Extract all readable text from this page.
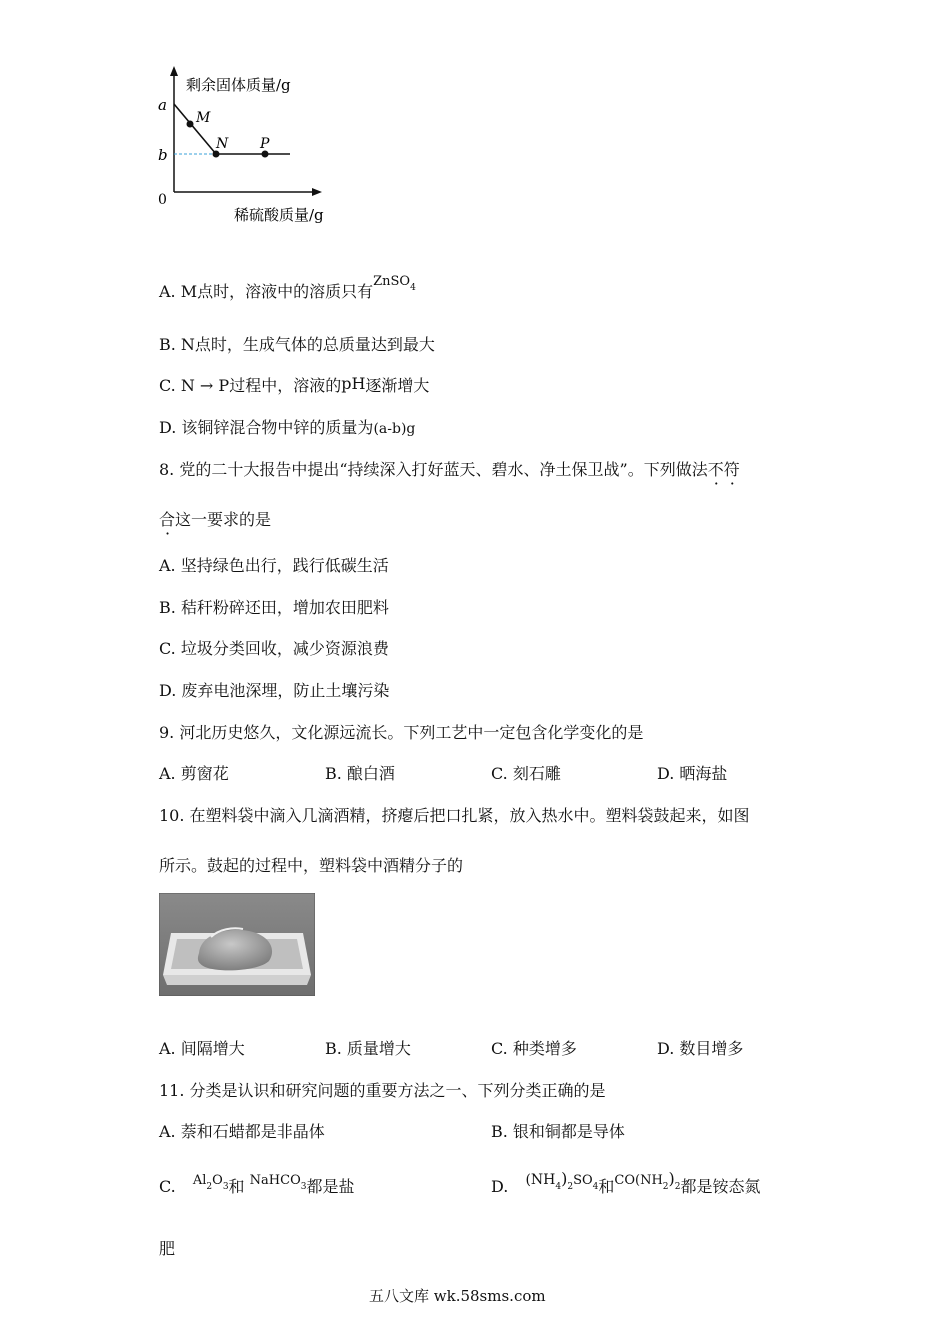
剩余固体质量/g
稀硫酸质量/g
0
a
b
M
N P
A. M点时，溶液中的溶质只有$^{ZnSO_4}$
B. N点时，生成气体的总质量达到最大
C. N → P过程中，溶液的pH逐渐增大
D. 该铜锌混合物中锌的质量为(a-b)g
8. 党的二十大报告中提出“持续深入打好蓝天、碧水、净土保卫战”。下列做法不符
合这一要求的是
A. 坚持绿色出行，践行低碳生活
B. 秸秆粉碎还田，增加农田肥料
C. 垃圾分类回收，减少资源浪费
D. 废弃电池深埋，防止土壤污染
9. 河北历史悠久，文化源远流长。下列工艺中一定包含化学变化的是
A. 剪窗花	B. 酿白酒	C. 刻石雕	D. 晒海盐
10. 在塑料袋中滴入几滴酒精，挤瘪后把口扎紧，放入热水中。塑料袋鼓起来，如图
所示。鼓起的过程中，塑料袋中酒精分子的
A. 间隔增大	B. 质量增大	C. 种类增多	D. 数目增多
11. 分类是认识和研究问题的重要方法之一、下列分类正确的是
A. 萘和石蜡都是非晶体	B. 银和铜都是导体
C. $^{Al_2O_3}$和 $^{NaHCO_3}$都是盐	D. $^{(NH_4)_2SO_4}$和$^{CO(NH_2)_2}$都是铵态氮
肥
五八文库 wk.58sms.com
